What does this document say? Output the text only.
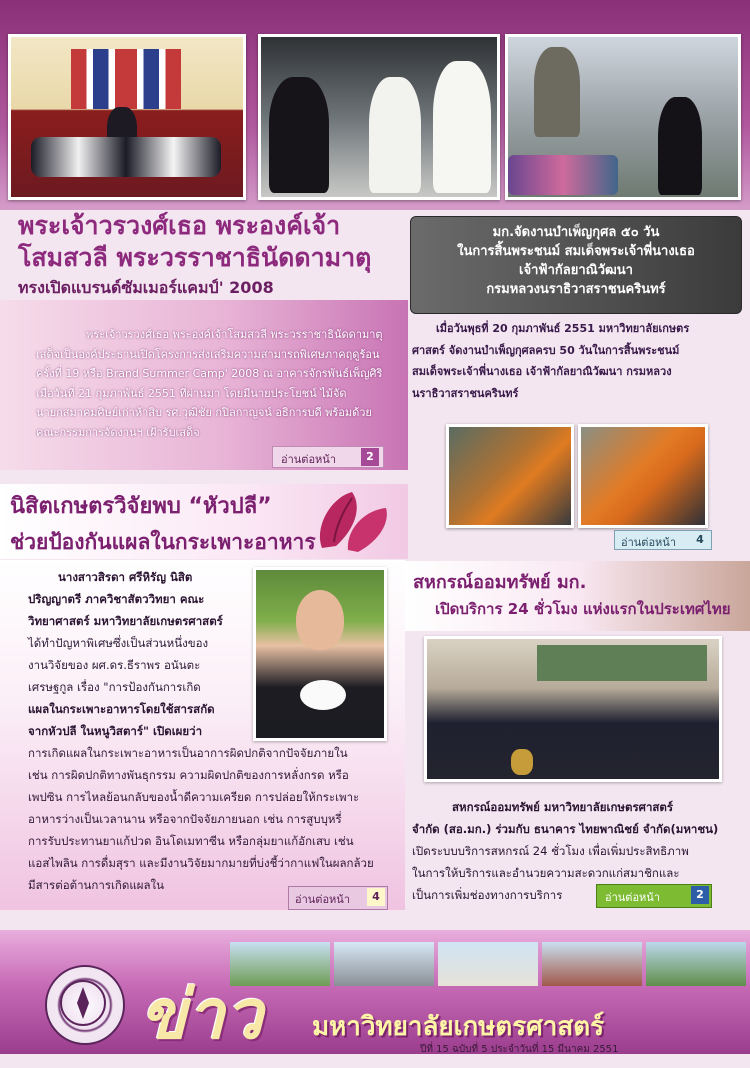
พระเจ้าวรวงศ์เธอ พระองค์เจ้า
โสมสวลี พระวรราชาธินัดดามาตุ
ทรงเปิดแบรนด์ซัมเมอร์แคมป์' 2008
พระเจ้าวรวงศ์เธอ พระองค์เจ้าโสมสวลี พระวรราชาธินัดดามาตุ
เสด็จเป็นองค์ประธานเปิดโครงการส่งเสริมความสามารถพิเศษภาคฤดูร้อน
ครั้งที่ 19 หรือ Brand Summer Camp' 2008 ณ อาคารจักรพันธ์เพ็ญศิริ
เมื่อวันที่ 21 กุมภาพันธ์ 2551 ที่ผ่านมา โดยมีนายประโยชน์ ไม้จัด
นายกสมาคมศิษย์เก่าห้าสิบ รศ.วุฒิชัย กปิลกาญจน์ อธิการบดี พร้อมด้วย
คณะกรรมการจัดงานฯ เฝ้ารับเสด็จ
อ่านต่อหน้า	2
มก.จัดงานบำเพ็ญกุศล ๕๐ วัน
ในการสิ้นพระชนม์ สมเด็จพระเจ้าพี่นางเธอ
เจ้าฟ้ากัลยาณิวัฒนา
กรมหลวงนราธิวาสราชนครินทร์
เมื่อวันพุธที่ 20 กุมภาพันธ์ 2551 มหาวิทยาลัยเกษตร
ศาสตร์ จัดงานบำเพ็ญกุศลครบ 50 วันในการสิ้นพระชนม์
สมเด็จพระเจ้าพี่นางเธอ เจ้าฟ้ากัลยาณิวัฒนา กรมหลวง
นราธิวาสราชนครินทร์
อ่านต่อหน้า	4
นิสิตเกษตรวิจัยพบ “หัวปลี”
ช่วยป้องกันแผลในกระเพาะอาหาร
นางสาวสิรดา ศรีหิรัญ นิสิต
ปริญญาตรี ภาควิชาสัตววิทยา คณะ
วิทยาศาสตร์ มหาวิทยาลัยเกษตรศาสตร์
ได้ทำปัญหาพิเศษซึ่งเป็นส่วนหนึ่งของ
งานวิจัยของ ผศ.ดร.ธีราพร อนันตะ
เศรษฐกูล เรื่อง "การป้องกันการเกิด
แผลในกระเพาะอาหารโดยใช้สารสกัด
จากหัวปลี ในหนูวิสตาร์" เปิดเผยว่า
การเกิดแผลในกระเพาะอาหารเป็นอาการผิดปกติจากปัจจัยภายใน
เช่น การผิดปกติทางพันธุกรรม ความผิดปกติของการหลั่งกรด หรือ
เพปซิน การไหลย้อนกลับของน้ำดีความเครียด การปล่อยให้กระเพาะ
อาหารว่างเป็นเวลานาน หรือจากปัจจัยภายนอก เช่น การสูบบุหรี่
การรับประทานยาแก้ปวด อินโดเมทาซีน หรือกลุ่มยาแก้อักเสบ เช่น
แอสไพลิน การดื่มสุรา และมีงานวิจัยมากมายที่บ่งชี้ว่ากาแฟในผลกล้วย
มีสารต่อต้านการเกิดแผลใน
อ่านต่อหน้า	4
สหกรณ์ออมทรัพย์ มก.
เปิดบริการ 24 ชั่วโมง แห่งแรกในประเทศไทย
สหกรณ์ออมทรัพย์ มหาวิทยาลัยเกษตรศาสตร์
จำกัด (สอ.มก.) ร่วมกับ ธนาคาร ไทยพาณิชย์ จำกัด(มหาชน)
เปิดระบบบริการสหกรณ์ 24 ชั่วโมง เพื่อเพิ่มประสิทธิภาพ
ในการให้บริการและอำนวยความสะดวกแก่สมาชิกและ
เป็นการเพิ่มช่องทางการบริการ	อ่านต่อหน้า	2
ข่าว มหาวิทยาลัยเกษตรศาสตร์
ปีที่ 15 ฉบับที่ 5 ประจำวันที่ 15 มีนาคม 2551
